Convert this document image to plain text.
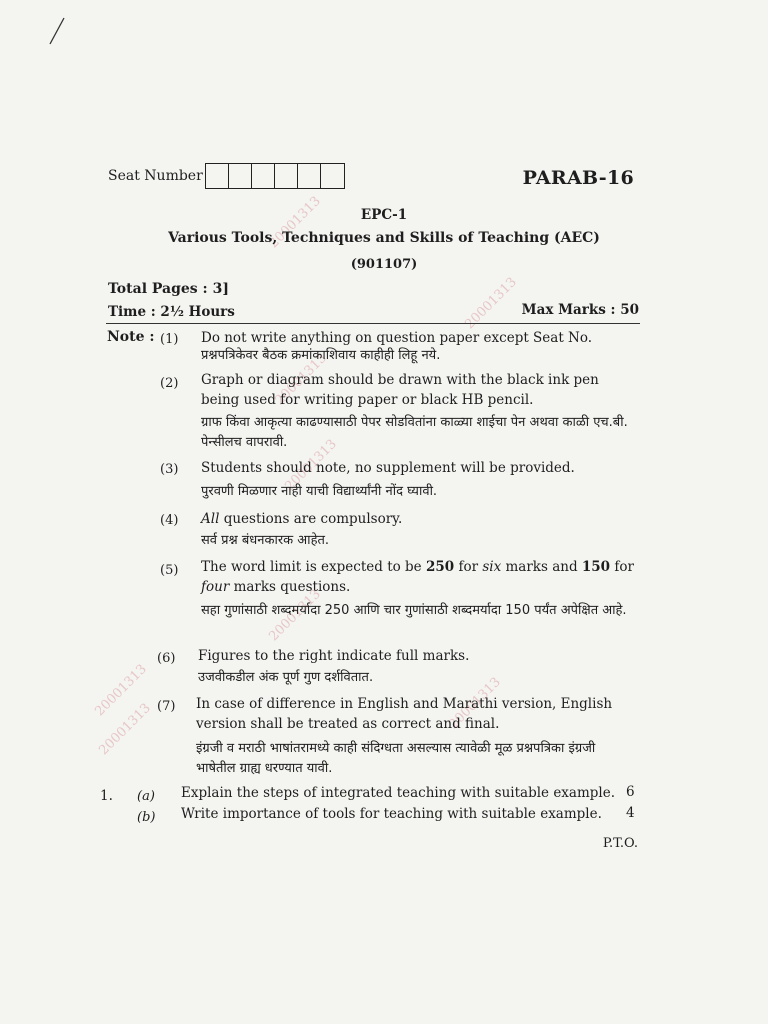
20001313
20001313
20001313
20001313
20001313
20001313
20001313	20001313
Seat Number	PARAB-16
EPC-1
Various Tools, Techniques and Skills of Teaching (AEC)
(901107)
Total Pages : 3]
Time : 2½ Hours	Max Marks : 50
Note : (1) Do not write anything on question paper except Seat No.
प्रश्नपत्रिकेवर बैठक क्रमांकाशिवाय काहीही लिहू नये.
(2) Graph or diagram should be drawn with the black ink pen being used for writing paper or black HB pencil.
ग्राफ किंवा आकृत्या काढण्यासाठी पेपर सोडवितांना काळ्या शाईचा पेन अथवा काळी एच.बी. पेन्सीलच वापरावी.
(3) Students should note, no supplement will be provided.
पुरवणी मिळणार नाही याची विद्यार्थ्यांनी नोंद घ्यावी.
(4) All questions are compulsory.
सर्व प्रश्न बंधनकारक आहेत.
(5) The word limit is expected to be 250 for six marks and 150 for four marks questions.
सहा गुणांसाठी शब्दमर्यादा 250 आणि चार गुणांसाठी शब्दमर्यादा 150 पर्यंत अपेक्षित आहे.
(6) Figures to the right indicate full marks.
उजवीकडील अंक पूर्ण गुण दर्शवितात.
(7) In case of difference in English and Marathi version, English version shall be treated as correct and final.
इंग्रजी व मराठी भाषांतरामध्ये काही संदिग्धता असल्यास त्यावेळी मूळ प्रश्नपत्रिका इंग्रजी भाषेतील ग्राह्य धरण्यात यावी.
1. (a) Explain the steps of integrated teaching with suitable example. 6
(b) Write importance of tools for teaching with suitable example. 4
P.T.O.
